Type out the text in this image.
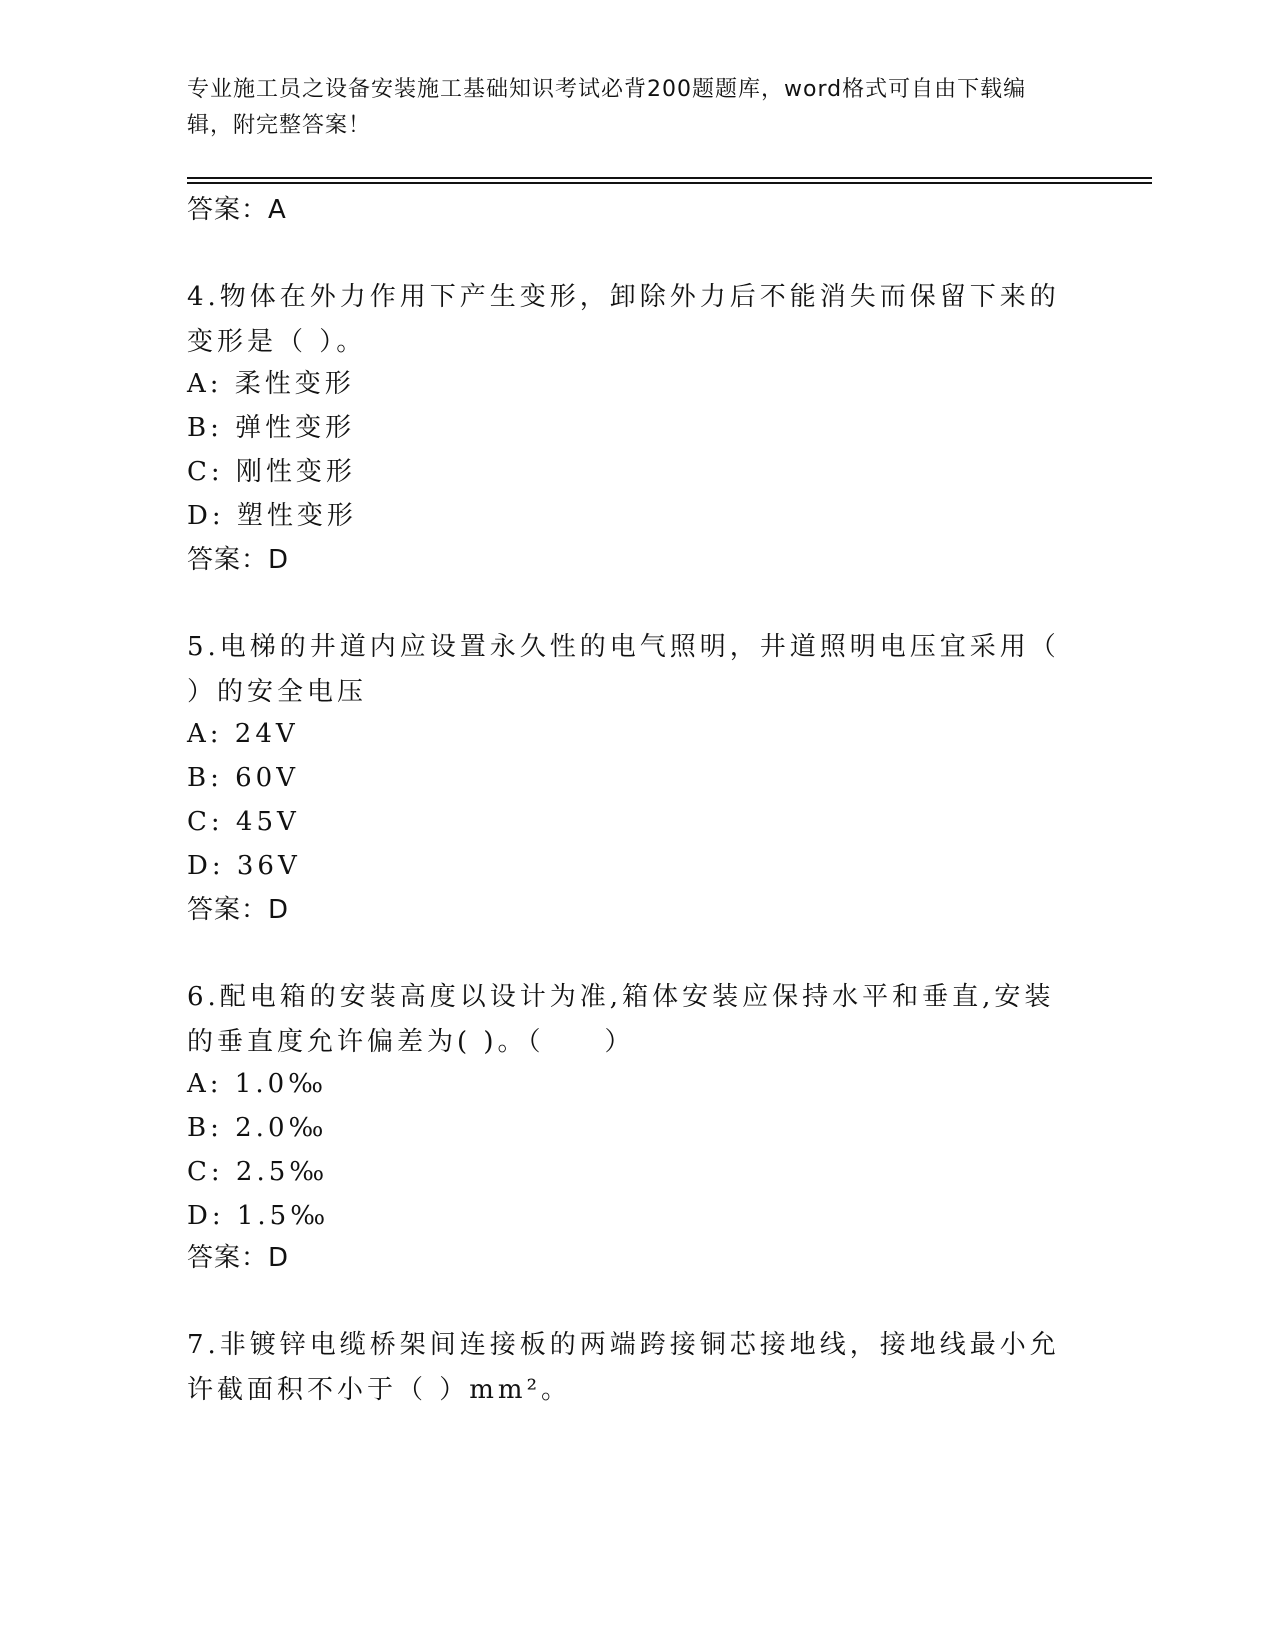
专业施工员之设备安装施工基础知识考试必背200题题库，word格式可自由下载编辑，附完整答案！
答案：A
4.物体在外力作用下产生变形，卸除外力后不能消失而保留下来的变形是（ ）。
A: 柔性变形
B: 弹性变形
C: 刚性变形
D: 塑性变形
答案：D
5.电梯的井道内应设置永久性的电气照明，井道照明电压宜采用（ ）的安全电压
A: 24V
B: 60V
C: 45V
D: 36V
答案：D
6.配电箱的安装高度以设计为准,箱体安装应保持水平和垂直,安装的垂直度允许偏差为( )。（　　）
A: 1.0‰
B: 2.0‰
C: 2.5‰
D: 1.5‰
答案：D
7.非镀锌电缆桥架间连接板的两端跨接铜芯接地线，接地线最小允许截面积不小于（ ）mm²。
